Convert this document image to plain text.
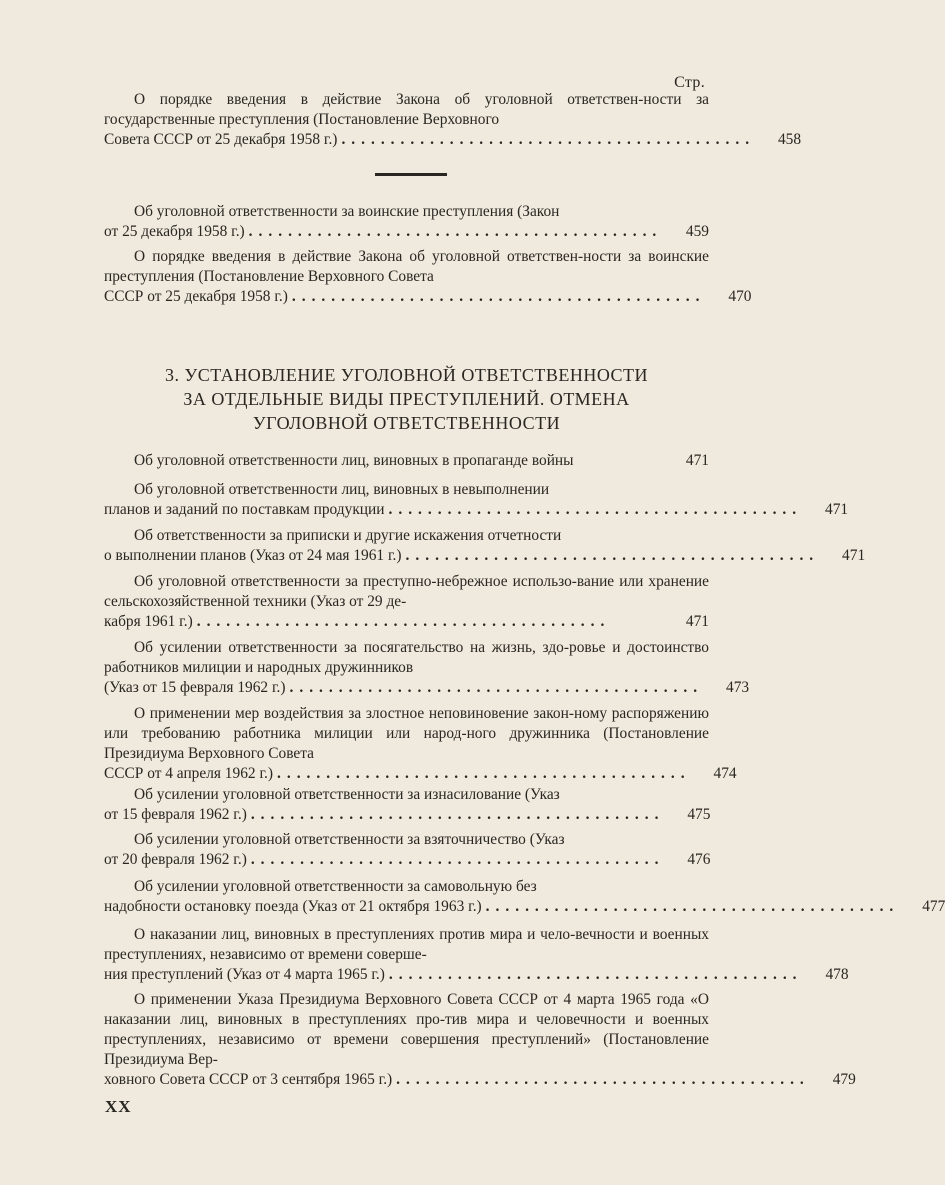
Стр.
О порядке введения в действие Закона об уголовной ответствен-ности за государственные преступления (Постановление Верховного
Совета СССР от 25 декабря 1958 г.) ..........................................	458
Об уголовной ответственности за воинские преступления (Закон
от 25 декабря 1958 г.) ..........................................	459
О порядке введения в действие Закона об уголовной ответствен-ности за воинские преступления (Постановление Верховного Совета
СССР от 25 декабря 1958 г.) ..........................................	470
3. УСТАНОВЛЕНИЕ УГОЛОВНОЙ ОТВЕТСТВЕННОСТИ
ЗА ОТДЕЛЬНЫЕ ВИДЫ ПРЕСТУПЛЕНИЙ. ОТМЕНА
УГОЛОВНОЙ ОТВЕТСТВЕННОСТИ
Об уголовной ответственности лиц, виновных в пропаганде войны	471
Об уголовной ответственности лиц, виновных в невыполнении
планов и заданий по поставкам продукции ..........................................	471
Об ответственности за приписки и другие искажения отчетности
о выполнении планов (Указ от 24 мая 1961 г.) ..........................................	471
Об уголовной ответственности за преступно-небрежное использо-вание или хранение сельскохозяйственной техники (Указ от 29 де-
кабря 1961 г.) ..........................................	471
Об усилении ответственности за посягательство на жизнь, здо-ровье и достоинство работников милиции и народных дружинников
(Указ от 15 февраля 1962 г.) ..........................................	473
О применении мер воздействия за злостное неповиновение закон-ному распоряжению или требованию работника милиции или народ-ного дружинника (Постановление Президиума Верховного Совета
СССР от 4 апреля 1962 г.) ..........................................	474
Об усилении уголовной ответственности за изнасилование (Указ
от 15 февраля 1962 г.) ..........................................	475
Об усилении уголовной ответственности за взяточничество (Указ
от 20 февраля 1962 г.) ..........................................	476
Об усилении уголовной ответственности за самовольную без
надобности остановку поезда (Указ от 21 октября 1963 г.) ..........................................	477
О наказании лиц, виновных в преступлениях против мира и чело-вечности и военных преступлениях, независимо от времени соверше-
ния преступлений (Указ от 4 марта 1965 г.) ..........................................	478
О применении Указа Президиума Верховного Совета СССР от 4 марта 1965 года «О наказании лиц, виновных в преступлениях про-тив мира и человечности и военных преступлениях, независимо от времени совершения преступлений» (Постановление Президиума Вер-
ховного Совета СССР от 3 сентября 1965 г.) ..........................................	479
XX
